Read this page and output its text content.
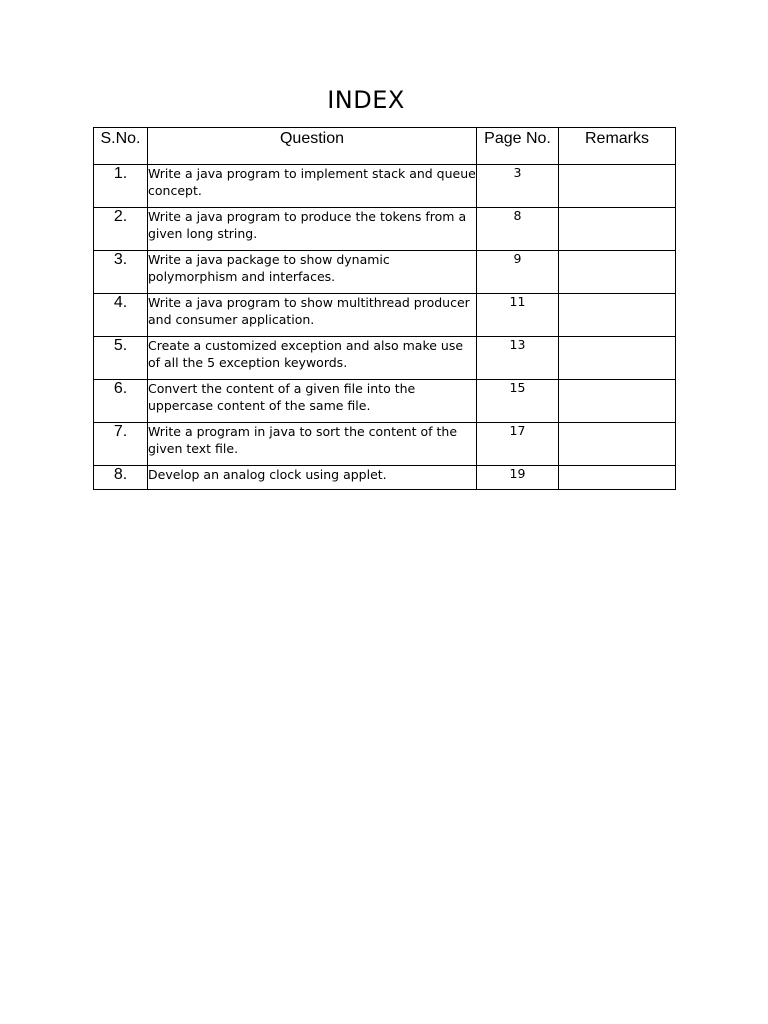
INDEX
S.No.	Question	Page No.	Remarks
1.	Write a java program to implement stack and queue concept.	3	
2.	Write a java program to produce the tokens from a given long string.	8	
3.	Write a java package to show dynamic polymorphism and interfaces.	9	
4.	Write a java program to show multithread producer and consumer application.	11	
5.	Create a customized exception and also make use of all the 5 exception keywords.	13	
6.	Convert the content of a given file into the uppercase content of the same file.	15	
7.	Write a program in java to sort the content of the given text file.	17	
8.	Develop an analog clock using applet.	19	
